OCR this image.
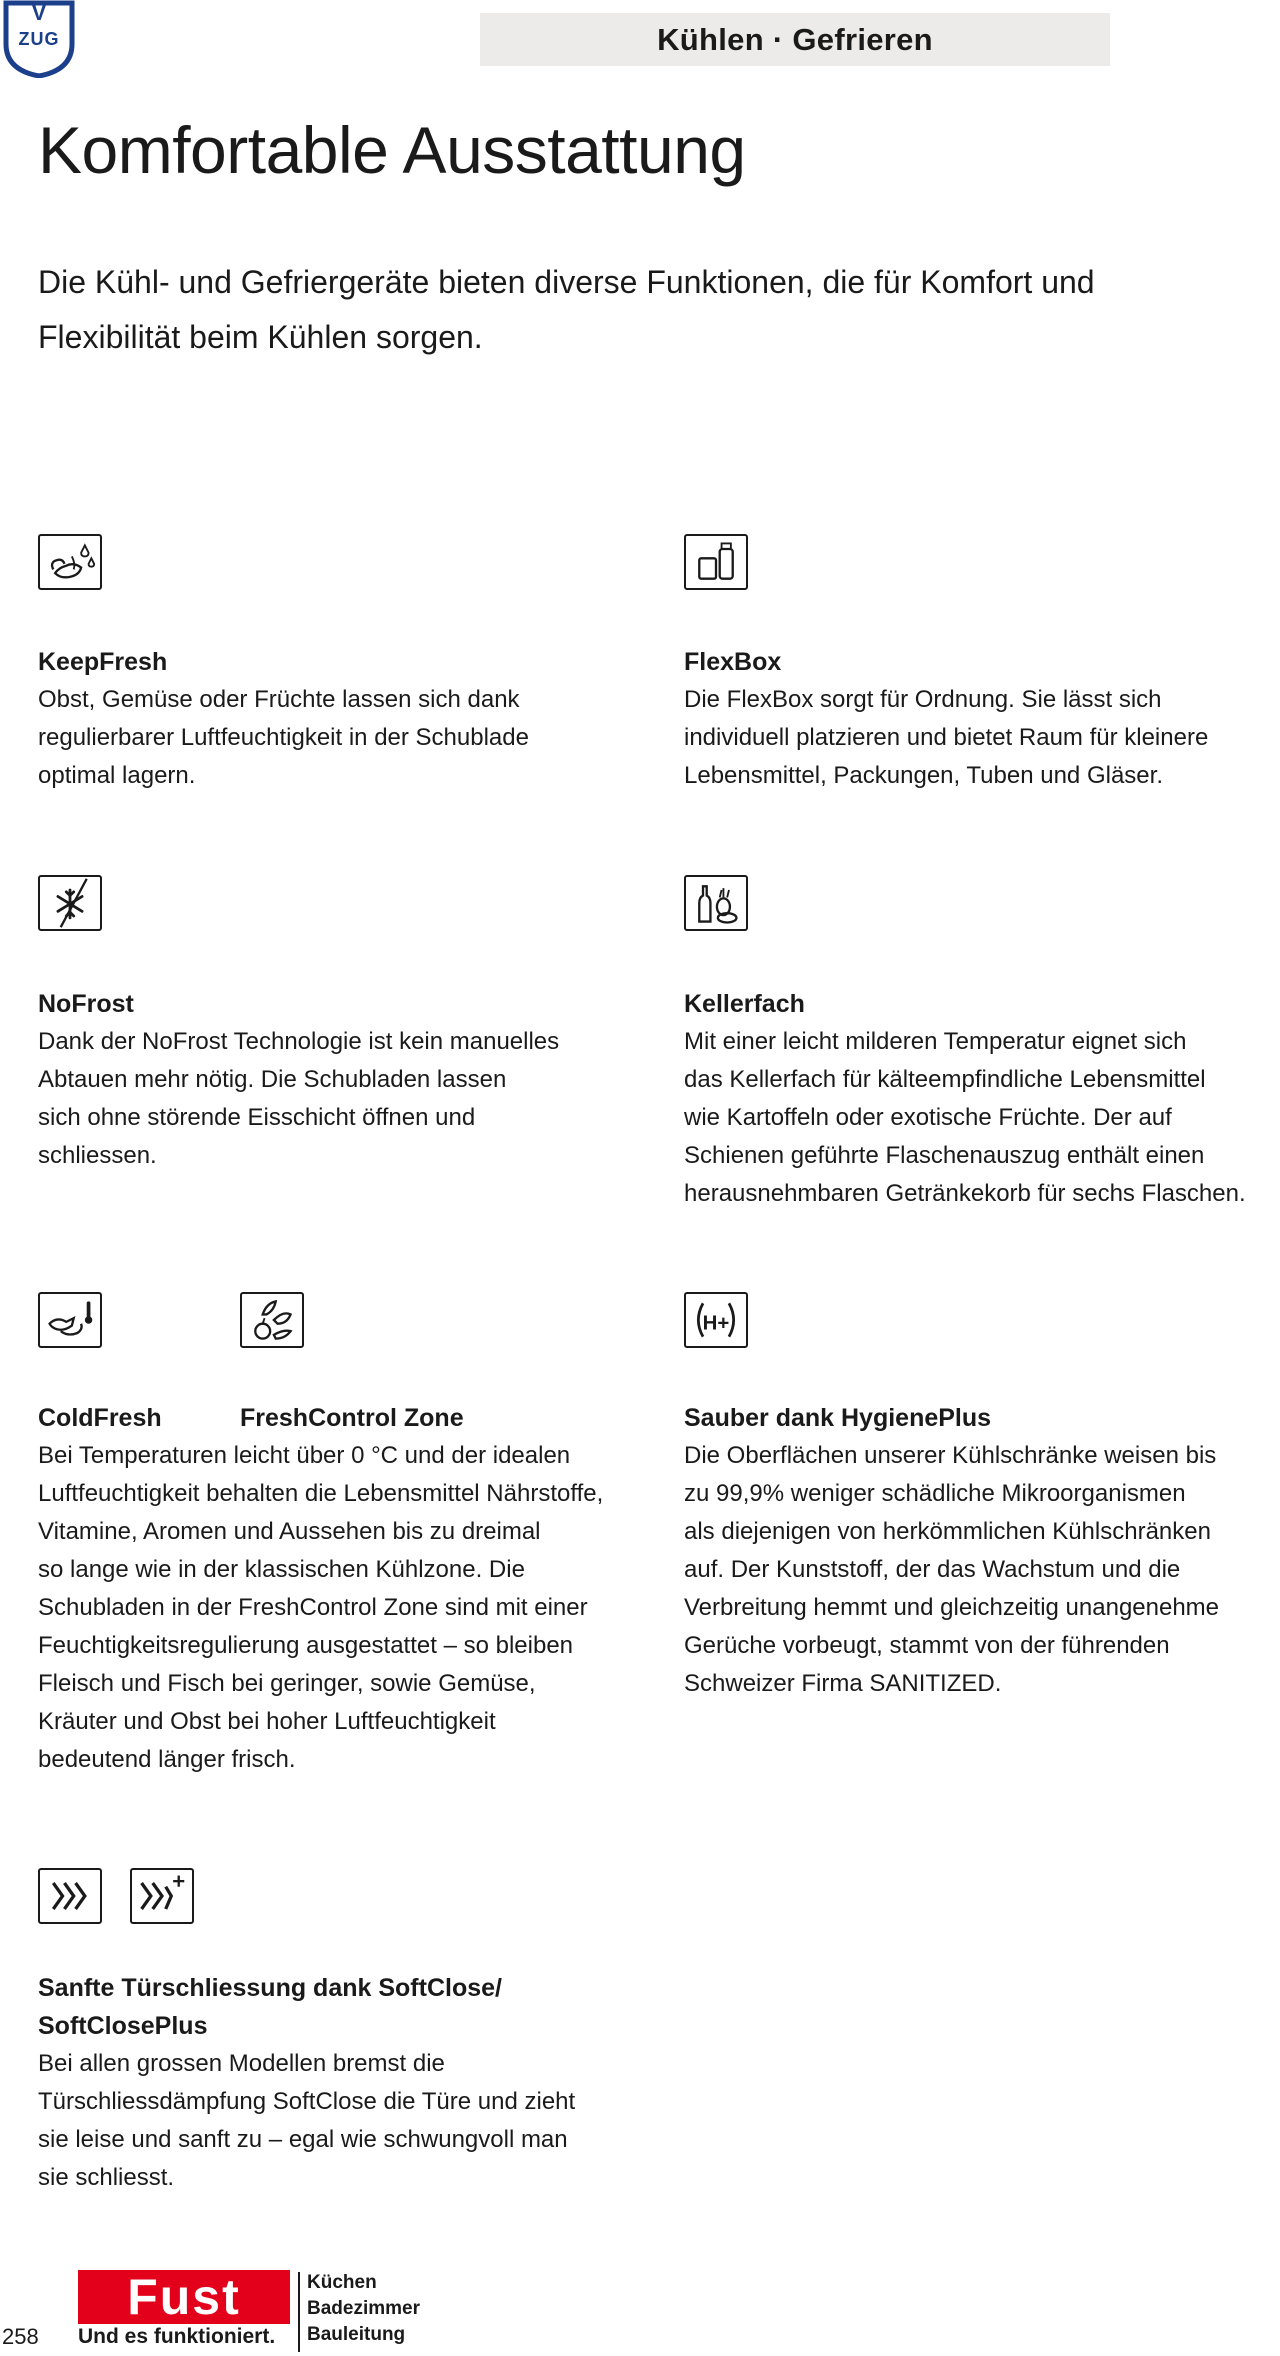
V
ZUG	Kühlen · Gefrieren
Komfortable Ausstattung

Die Kühl- und Gefriergeräte bieten diverse Funktionen, die für Komfort und
Flexibilität beim Kühlen sorgen.

KeepFresh

Obst, Gemüse oder Früchte lassen sich dank
regulierbarer Luftfeuchtigkeit in der Schublade
optimal lagern.

FlexBox

Die FlexBox sorgt für Ordnung. Sie lässt sich
individuell platzieren und bietet Raum für kleinere
Lebensmittel, Packungen, Tuben und Gläser.

NoFrost

Dank der NoFrost Technologie ist kein manuelles
Abtauen mehr nötig. Die Schubladen lassen
sich ohne störende Eisschicht öffnen und
schliessen.

Kellerfach

Mit einer leicht milderen Temperatur eignet sich
das Kellerfach für kälteempfindliche Lebensmittel
wie Kartoffeln oder exotische Früchte. Der auf
Schienen geführte Flaschenauszug enthält einen
herausnehmbaren Getränkekorb für sechs Flaschen.

ColdFresh	FreshControl Zone

Bei Temperaturen leicht über 0 °C und der idealen
Luftfeuchtigkeit behalten die Lebensmittel Nährstoffe,
Vitamine, Aromen und Aussehen bis zu dreimal
so lange wie in der klassischen Kühlzone. Die
Schubladen in der FreshControl Zone sind mit einer
Feuchtigkeitsregulierung ausgestattet – so bleiben
Fleisch und Fisch bei geringer, sowie Gemüse,
Kräuter und Obst bei hoher Luftfeuchtigkeit
bedeutend länger frisch.

H+

Sauber dank HygienePlus

Die Oberflächen unserer Kühlschränke weisen bis
zu 99,9% weniger schädliche Mikroorganismen
als diejenigen von herkömmlichen Kühlschränken
auf. Der Kunststoff, der das Wachstum und die
Verbreitung hemmt und gleichzeitig unangenehme
Gerüche vorbeugt, stammt von der führenden
Schweizer Firma SANITIZED.

Sanfte Türschliessung dank SoftClose/
SoftClosePlus

Bei allen grossen Modellen bremst die
Türschliessdämpfung SoftClose die Türe und zieht
sie leise und sanft zu – egal wie schwungvoll man
sie schliesst.

258
Fust
Und es funktioniert.
Küchen
Badezimmer
Bauleitung
